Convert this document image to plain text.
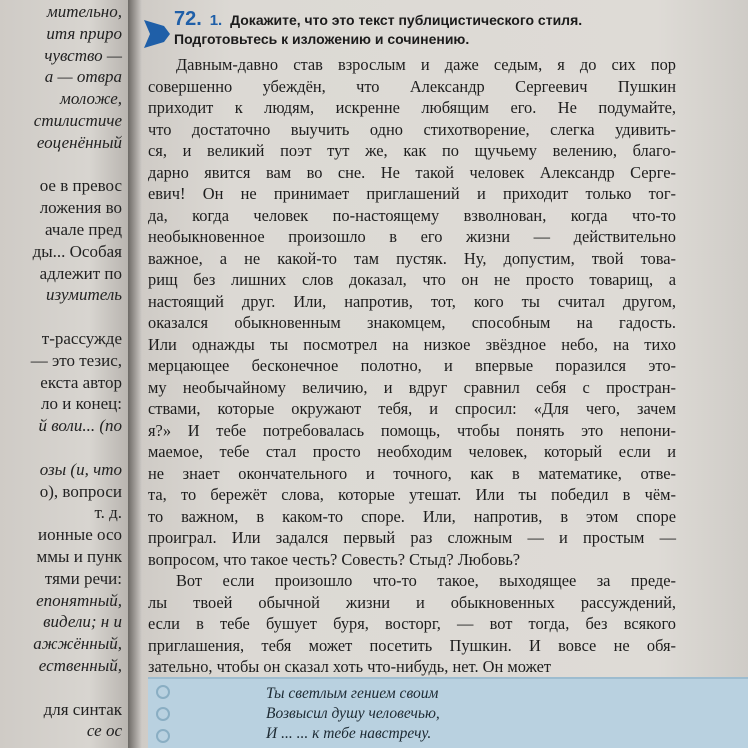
мительно,
итя приро
чувство —
а — отвра
моложе,
стилистиче
еоценённый
ое в превос
ложения во
ачале пред
ды... Особая
адлежит по
изумитель
т-рассужде
— это тезис,
екста автор
ло и конец:
й воли... (по
озы (и, что
о), вопроси
т. д.
ионные осо
ммы и пунк
тями речи:
епонятный,
видели; н и
ажжённый,
ественный,
для синтак
се ос
72. 1. Докажите, что это текст публицистического стиля.
Подготовьтесь к изложению и сочинению.
Давным-давно став взрослым и даже седым, я до сих пор
совершенно убеждён, что Александр Сергеевич Пушкин
приходит к людям, искренне любящим его. Не подумайте,
что достаточно выучить одно стихотворение, слегка удивить-
ся, и великий поэт тут же, как по щучьему велению, благо-
дарно явится вам во сне. Не такой человек Александр Серге-
евич! Он не принимает приглашений и приходит только тог-
да, когда человек по-настоящему взволнован, когда что-то
необыкновенное произошло в его жизни — действительно
важное, а не какой-то там пустяк. Ну, допустим, твой това-
рищ без лишних слов доказал, что он не просто товарищ, а
настоящий друг. Или, напротив, тот, кого ты считал другом,
оказался обыкновенным знакомцем, способным на гадость.
Или однажды ты посмотрел на низкое звёздное небо, на тихо
мерцающее бесконечное полотно, и впервые поразился это-
му необычайному величию, и вдруг сравнил себя с простран-
ствами, которые окружают тебя, и спросил: «Для чего, зачем
я?» И тебе потребовалась помощь, чтобы понять это непони-
маемое, тебе стал просто необходим человек, который если и
не знает окончательного и точного, как в математике, отве-
та, то бережёт слова, которые утешат. Или ты победил в чём-
то важном, в каком-то споре. Или, напротив, в этом споре
проиграл. Или задался первый раз сложным — и простым —
вопросом, что такое честь? Совесть? Стыд? Любовь?
Вот если произошло что-то такое, выходящее за преде-
лы твоей обычной жизни и обыкновенных рассуждений,
если в тебе бушует буря, восторг, — вот тогда, без всякого
приглашения, тебя может посетить Пушкин. И вовсе не обя-
зательно, чтобы он сказал хоть что-нибудь, нет. Он может
Ты светлым гением своим
Возвысил душу человечью,
И ... ... к тебе навстречу.
